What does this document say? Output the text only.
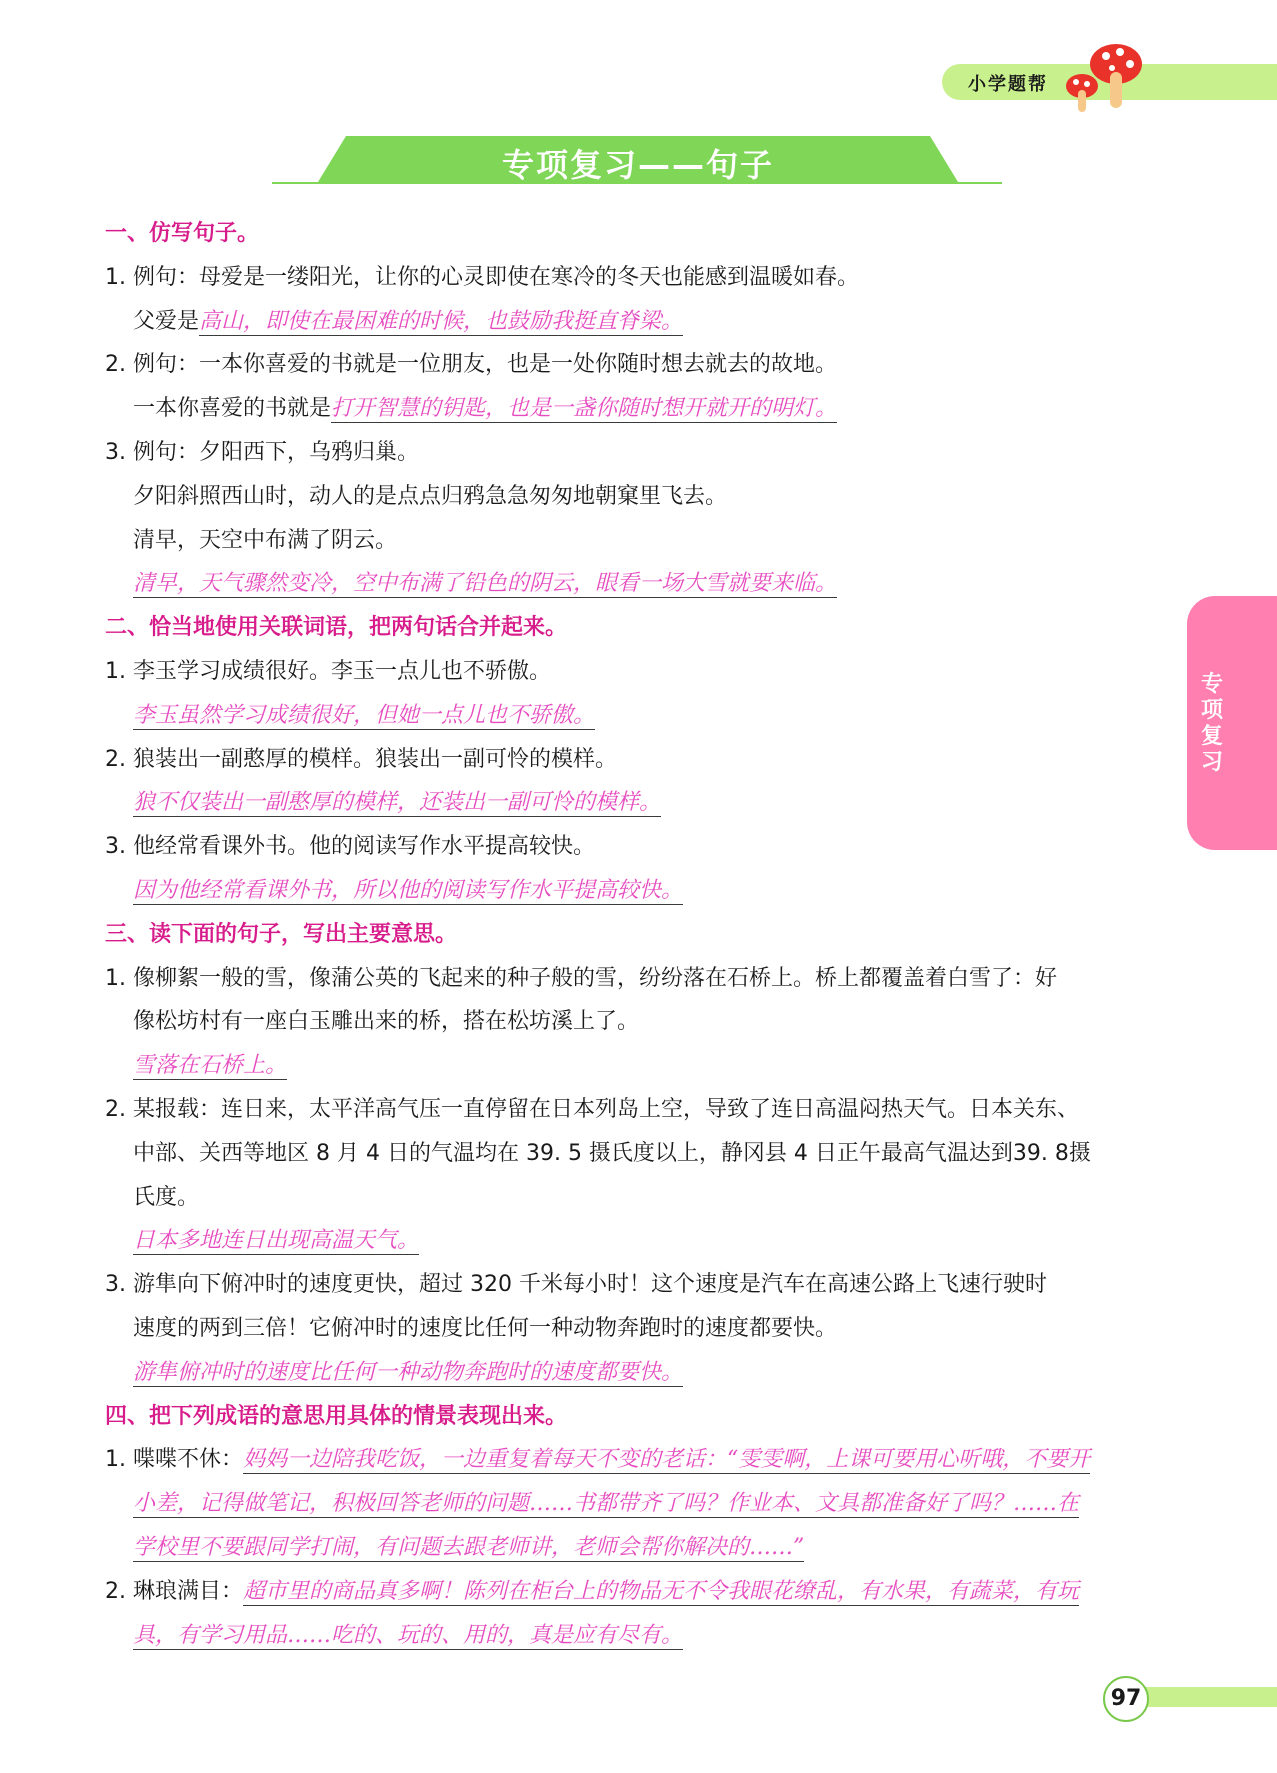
小学题帮
专项复习——句子
专项复习
一、仿写句子。
1. 例句：母爱是一缕阳光，让你的心灵即使在寒冷的冬天也能感到温暖如春。
父爱是高山，即使在最困难的时候，也鼓励我挺直脊梁。
2. 例句：一本你喜爱的书就是一位朋友，也是一处你随时想去就去的故地。
一本你喜爱的书就是打开智慧的钥匙，也是一盏你随时想开就开的明灯。
3. 例句：夕阳西下，乌鸦归巢。
夕阳斜照西山时，动人的是点点归鸦急急匆匆地朝窠里飞去。
清早，天空中布满了阴云。
清早，天气骤然变冷，空中布满了铅色的阴云，眼看一场大雪就要来临。
二、恰当地使用关联词语，把两句话合并起来。
1. 李玉学习成绩很好。李玉一点儿也不骄傲。
李玉虽然学习成绩很好，但她一点儿也不骄傲。
2. 狼装出一副憨厚的模样。狼装出一副可怜的模样。
狼不仅装出一副憨厚的模样，还装出一副可怜的模样。
3. 他经常看课外书。他的阅读写作水平提高较快。
因为他经常看课外书，所以他的阅读写作水平提高较快。
三、读下面的句子，写出主要意思。
1. 像柳絮一般的雪，像蒲公英的飞起来的种子般的雪，纷纷落在石桥上。桥上都覆盖着白雪了：好
像松坊村有一座白玉雕出来的桥，搭在松坊溪上了。
雪落在石桥上。
2. 某报载：连日来，太平洋高气压一直停留在日本列岛上空，导致了连日高温闷热天气。日本关东、
中部、关西等地区 8 月 4 日的气温均在 39. 5 摄氏度以上，静冈县 4 日正午最高气温达到39. 8摄
氏度。
日本多地连日出现高温天气。
3. 游隼向下俯冲时的速度更快，超过 320 千米每小时！这个速度是汽车在高速公路上飞速行驶时
速度的两到三倍！它俯冲时的速度比任何一种动物奔跑时的速度都要快。
游隼俯冲时的速度比任何一种动物奔跑时的速度都要快。
四、把下列成语的意思用具体的情景表现出来。
1. 喋喋不休：妈妈一边陪我吃饭，一边重复着每天不变的老话：“雯雯啊，上课可要用心听哦，不要开
小差，记得做笔记，积极回答老师的问题……书都带齐了吗？作业本、文具都准备好了吗？……在
学校里不要跟同学打闹，有问题去跟老师讲，老师会帮你解决的……”
2. 琳琅满目：超市里的商品真多啊！陈列在柜台上的物品无不令我眼花缭乱，有水果，有蔬菜，有玩
具，有学习用品……吃的、玩的、用的，真是应有尽有。
97
